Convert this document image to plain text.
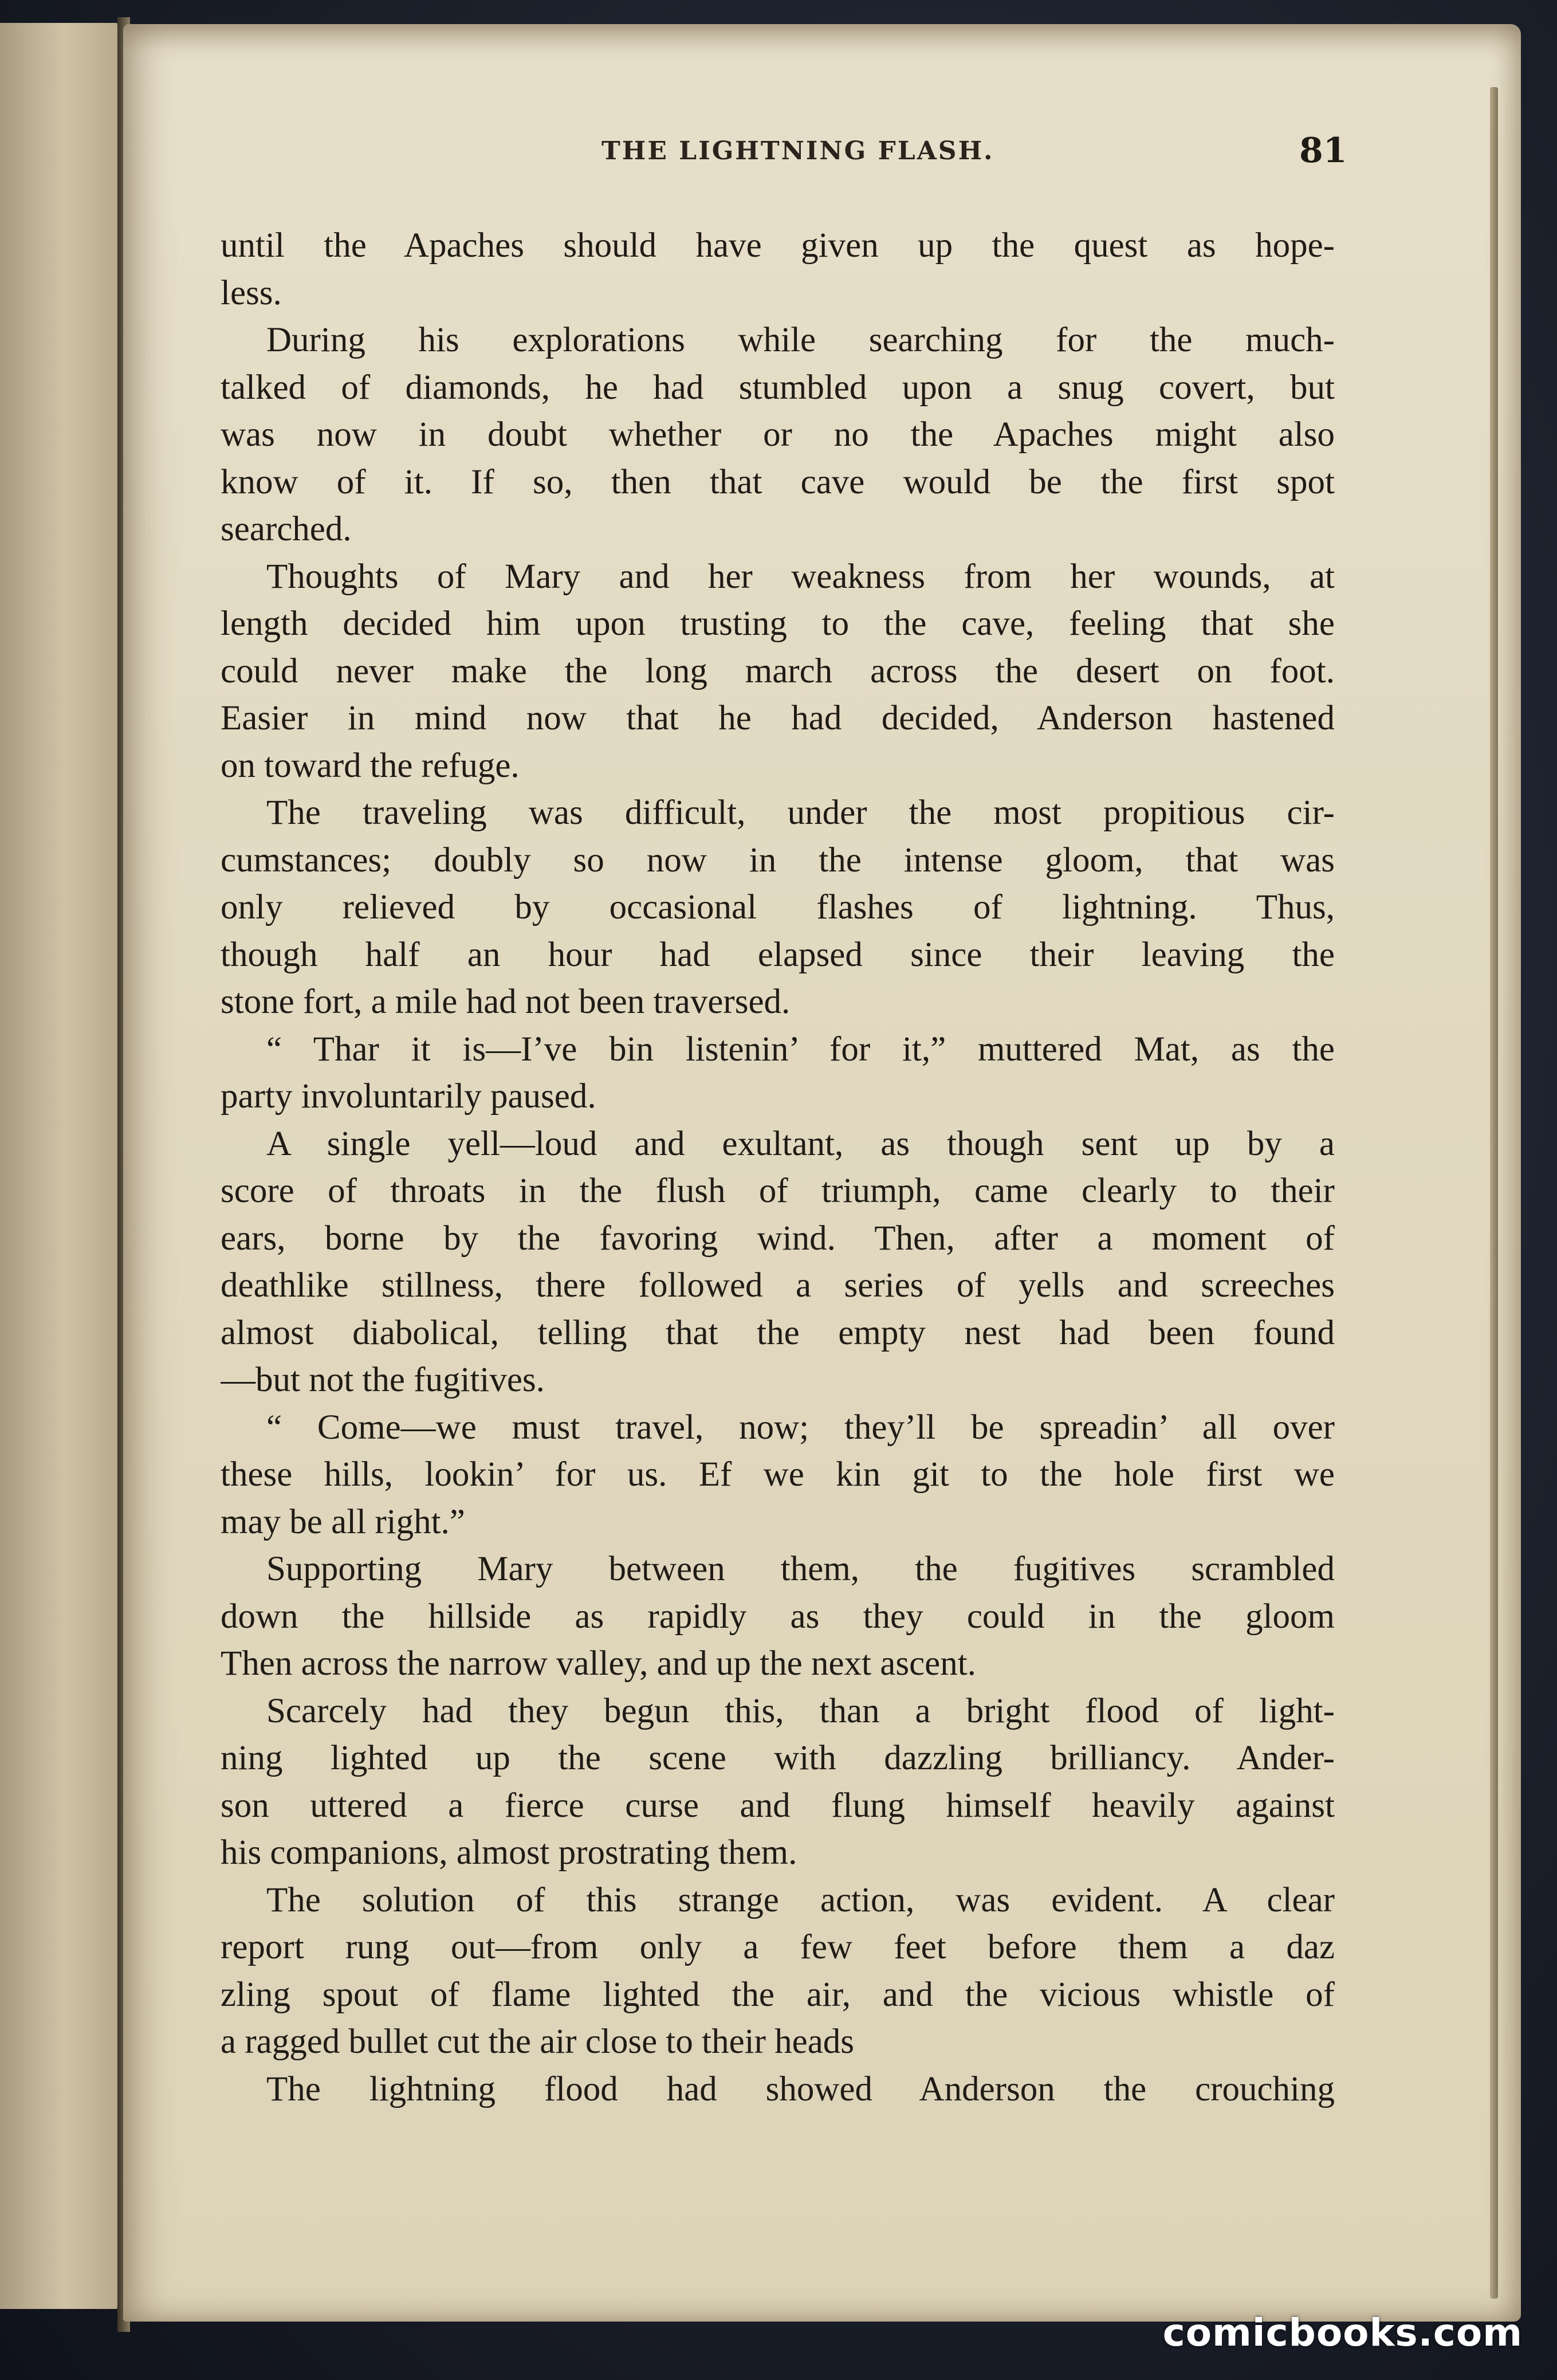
THE LIGHTNING FLASH.	81
until the Apaches should have given up the quest as hope-
less.
During his explorations while searching for the much-
talked of diamonds, he had stumbled upon a snug covert, but
was now in doubt whether or no the Apaches might also
know of it. If so, then that cave would be the first spot
searched.
Thoughts of Mary and her weakness from her wounds, at
length decided him upon trusting to the cave, feeling that she
could never make the long march across the desert on foot.
Easier in mind now that he had decided, Anderson hastened
on toward the refuge.
The traveling was difficult, under the most propitious cir-
cumstances; doubly so now in the intense gloom, that was
only relieved by occasional flashes of lightning. Thus,
though half an hour had elapsed since their leaving the
stone fort, a mile had not been traversed.
“ Thar it is—I’ve bin listenin’ for it,” muttered Mat, as the
party involuntarily paused.
A single yell—loud and exultant, as though sent up by a
score of throats in the flush of triumph, came clearly to their
ears, borne by the favoring wind. Then, after a moment of
deathlike stillness, there followed a series of yells and screeches
almost diabolical, telling that the empty nest had been found
—but not the fugitives.
“ Come—we must travel, now; they’ll be spreadin’ all over
these hills, lookin’ for us. Ef we kin git to the hole first we
may be all right.”
Supporting Mary between them, the fugitives scrambled
down the hillside as rapidly as they could in the gloom
Then across the narrow valley, and up the next ascent.
Scarcely had they begun this, than a bright flood of light-
ning lighted up the scene with dazzling brilliancy. Ander-
son uttered a fierce curse and flung himself heavily against
his companions, almost prostrating them.
The solution of this strange action, was evident. A clear
report rung out—from only a few feet before them a daz
zling spout of flame lighted the air, and the vicious whistle of
a ragged bullet cut the air close to their heads
The lightning flood had showed Anderson the crouching
comicbooks.com
